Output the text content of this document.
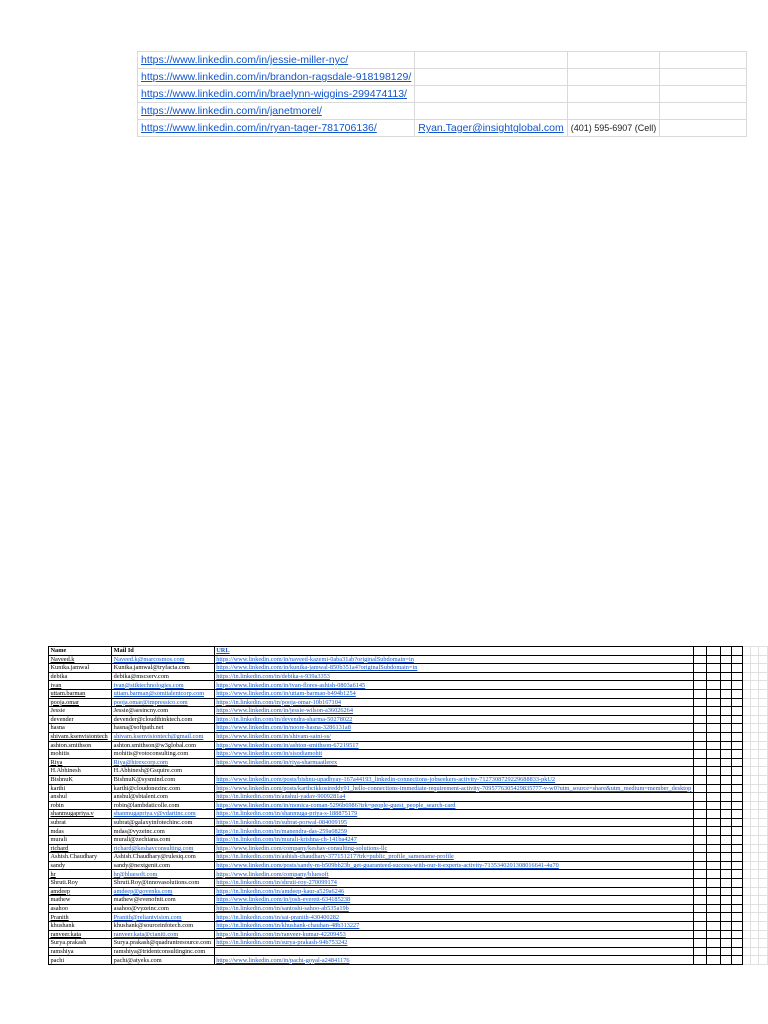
https://www.linkedin.com/in/jessie-miller-nyc/			
https://www.linkedin.com/in/brandon-ragsdale-918198129/			
https://www.linkedin.com/in/braelynn-wiggins-299474113/			
https://www.linkedin.com/in/janetmorel/			
https://www.linkedin.com/in/ryan-tager-781706136/	Ryan.Tager@insightglobal.com	(401) 595-6907 (Cell)	
Name	Mail Id	URL							
Naveed.k	Naveed.k@marcosmos.com	https://www.linkedin.com/in/naveed-kazemi-0aba31ab?originalSubdomain=in							
Kunika.jamwal	Kunika.jamwal@tryfacta.com	https://www.linkedin.com/in/kunika-jamwal-850b351a4?originalSubdomain=in							
debika	debika@mscserv.com	https://in.linkedin.com/in/debika-s-939a3353							
ivan	ivan@stiktechnologies.com	https://www.linkedin.com/in/ivan-flores-ashish-0803a6145							
uttam.barman	uttam.barman@somitalentcorp.com	https://www.linkedin.com/in/uttam-barman-b494b1254							
pooja.omar	pooja.omar@impressico.com	https://in.linkedin.com/in/pooja-omar-10b167104							
Jessie	Jessie@aesincny.com	https://www.linkedin.com/in/jessie-wilson-a36026264							
devender	devender@cloudthinktech.com	https://in.linkedin.com/in/devendra-sharma-50278022							
hasna	hasna@softpath.net	https://www.linkedin.com/in/noore-hasna-3286131a8							
shivam.ksenvisiontech	shivam.ksenvisiontech@gmail.com	https://www.linkedin.com/in/shivam-saini-ss/							
ashton.smithson	ashton.smithson@w3global.com	https://www.linkedin.com/in/ashton-smithson-67219517							
mohitis	mohitis@votoconsulting.com	https://www.linkedin.com/in/sisodiamohit							
Riya	Riya@hirexcorp.com	https://www.linkedin.com/in/riya-sharmaatlerex							
H.Abhinesh	H.Abhinesh@Gsquire.com								
BishnuK	BishnuK@sysmind.com	https://www.linkedin.com/posts/bishnu-upadhyay-167a44193_linkedin-connections-jobseekers-activity-7127308729229688833-pkU2							
karthi	karthi@cloudonezinc.com	https://www.linkedin.com/posts/karthcikkosireddy91_hello-connections-immediate-requirement-activity-7095776305429835777-v-w0?utm_source=share&utm_medium=member_desktop							
anshul	anshul@sbtalent.com	https://in.linkedin.com/in/anshul-yadav-9009281a4							
robin	robin@lambdaticolle.com	https://www.linkedin.com/in/monica-coman-5296b6986?trk=people-guest_people_search-card							
shanmugapriya.v	shanmugapriya.v@vdartinc.com	https://in.linkedin.com/in/shanmuga-priya-s-188875179							
subrat	subrat@galaxyinfotechinc.com	https://in.linkedin.com/in/subrat-porwal-084009195							
mdas	mdas@vyzeinc.com	https://in.linkedin.com/in/manendra-das-259a08259							
murali	murali@zechiana.com	https://in.linkedin.com/in/murali-krishna-ch-141ba4247							
richard	richard@keshavconsulting.com	https://www.linkedin.com/company/keshav-consulting-solutions-llc							
Ashish.Chaudhary	Ashish.Chaudhary@rulesiq.com	https://in.linkedin.com/in/ashish-chaudhary-377151217?trk=public_profile_samename-profile							
sandy	sandy@nextgenit.com	https://www.linkedin.com/posts/sandy-m-b509bb23b_get-guaranteed-success-with-our-it-experts-activity-7135340201308016641-4u70							
hr	hr@bluesoft.com	https://www.linkedin.com/company/bluesoft							
Shruti.Roy	Shruti.Roy@innovasolutions.com	https://in.linkedin.com/in/shruti-roy-270099174							
amdeep	amdeep@govenks.com	https://in.linkedin.com/in/amdeep-kaur-a529a6246							
mathew	mathew@evenofnit.com	https://www.linkedin.com/in/josh-everett-634185238							
asahoo	asahoo@vyzeinc.com	https://in.linkedin.com/in/santoshi-sahoo-ab535a19b							
Pranith	Pranith@reliantvision.com	https://in.linkedin.com/in/sai-pranith-430400282							
khushank	khushank@sourceinfotech.com	https://in.linkedin.com/in/khushank-chauhan-48b313227							
ranveer.kata	ranveer.kata@cianiti.com	https://in.linkedin.com/in/ranveer-kumar-42209453							
Surya.prakash	Surya.prakash@quadrantresource.com	https://in.linkedin.com/in/surya-prakash-94b753242							
ramshiya	ramshiya@tridentconsultinginc.com								
pachi	pachi@atyeks.com	https://www.linkedin.com/in/pachi-goyal-a24841176							
